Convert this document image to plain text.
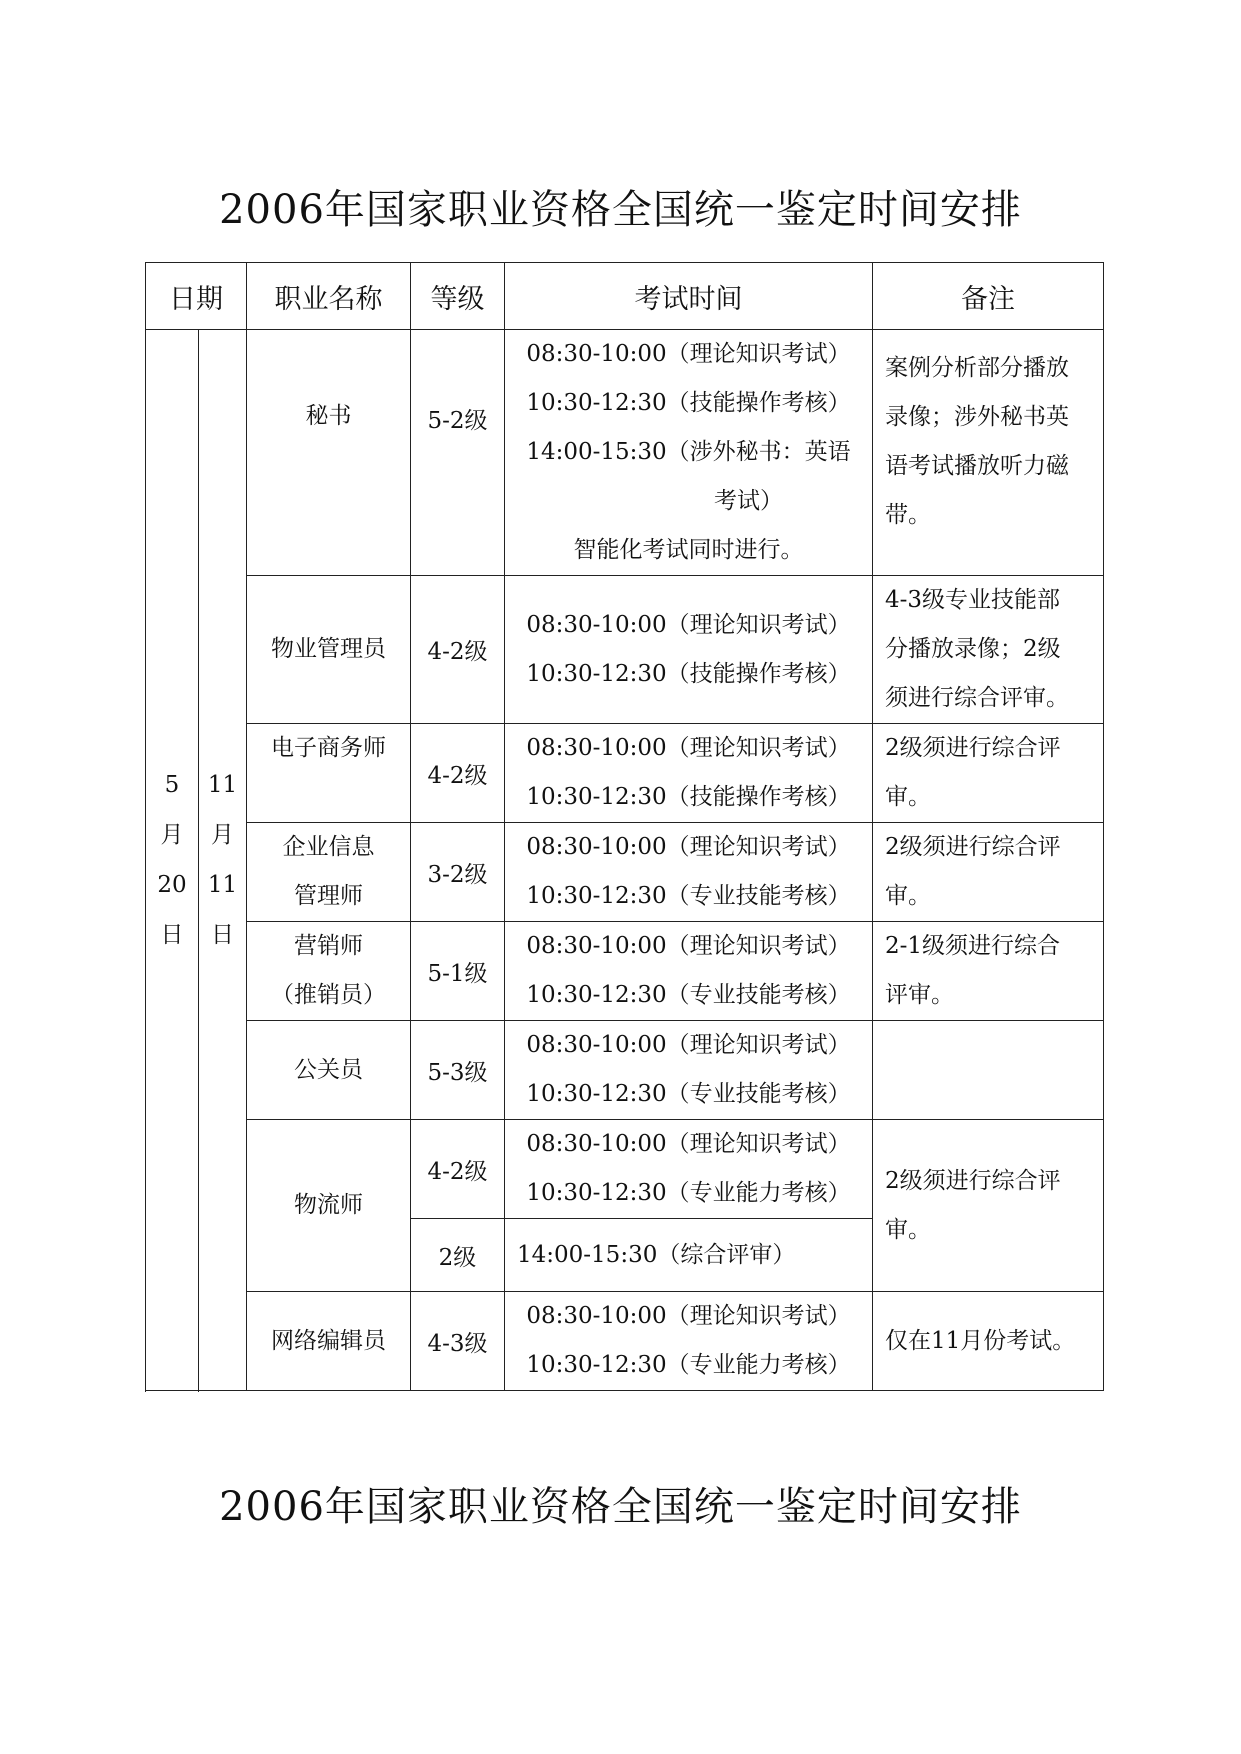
2006年国家职业资格全国统一鉴定时间安排
日期		职业名称	等级	考试时间	备注

5
月
20
日	11
月
11
日	秘书	5-2级	08:30-10:00（理论知识考试）
10:30-12:30（技能操作考核）
14:00-15:30（涉外秘书：英语
考试）
智能化考试同时进行。	案例分析部分播放
录像；涉外秘书英
语考试播放听力磁
带。

		物业管理员	4-2级	08:30-10:00（理论知识考试）
10:30-12:30（技能操作考核）	4-3级专业技能部
分播放录像；2级
须进行综合评审。

		电子商务师	4-2级	08:30-10:00（理论知识考试）
10:30-12:30（技能操作考核）	2级须进行综合评
审。

		企业信息
管理师	3-2级	08:30-10:00（理论知识考试）
10:30-12:30（专业技能考核）	2级须进行综合评
审。

		营销师
（推销员）	5-1级	08:30-10:00（理论知识考试）
10:30-12:30（专业技能考核）	2-1级须进行综合
评审。

		公关员	5-3级	08:30-10:00（理论知识考试）
10:30-12:30（专业技能考核）	

		物流师	4-2级	08:30-10:00（理论知识考试）
10:30-12:30（专业能力考核）	2级须进行综合评
审。

			2级	14:00-15:30（综合评审）	

		网络编辑员	4-3级	08:30-10:00（理论知识考试）
10:30-12:30（专业能力考核）	仅在11月份考试。

2006年国家职业资格全国统一鉴定时间安排
